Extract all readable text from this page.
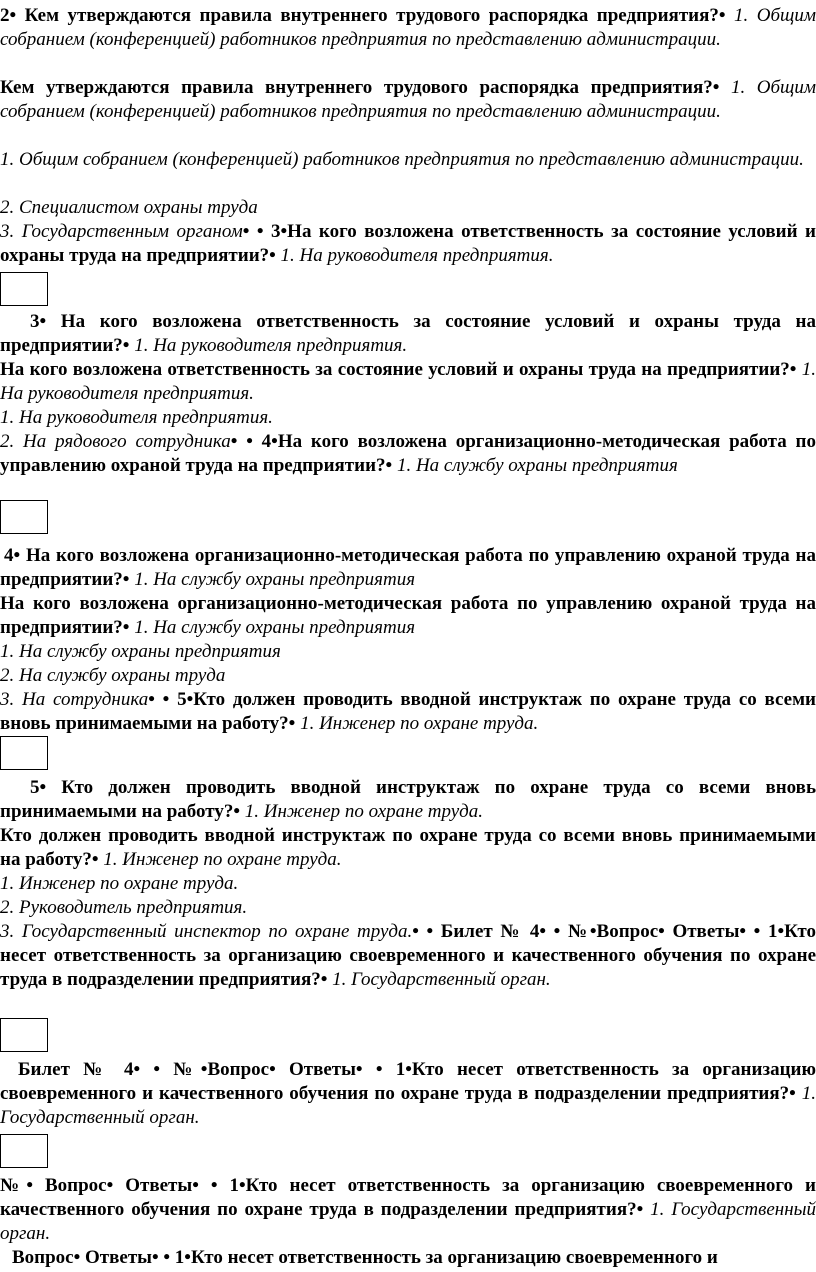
2• Кем утверждаются правила внутреннего трудового распорядка предприятия?• 1. Общим собранием (конференцией) работников предприятия по представлению администрации.
Кем утверждаются правила внутреннего трудового распорядка предприятия?• 1. Общим собранием (конференцией) работников предприятия по представлению администрации.
1. Общим собранием (конференцией) работников предприятия по представлению администрации.
2. Специалистом охраны труда
3. Государственным органом• • 3•На кого возложена ответственность за состояние условий и охраны труда на предприятии?• 1. На руководителя предприятия.
3• На кого возложена ответственность за состояние условий и охраны труда на предприятии?• 1. На руководителя предприятия.
На кого возложена ответственность за состояние условий и охраны труда на предприятии?• 1. На руководителя предприятия.
1. На руководителя предприятия.
2. На рядового сотрудника• • 4•На кого возложена организационно-методическая работа по управлению охраной труда на предприятии?• 1. На службу охраны предприятия
4• На кого возложена организационно-методическая работа по управлению охраной труда на предприятии?• 1. На службу охраны предприятия
На кого возложена организационно-методическая работа по управлению охраной труда на предприятии?• 1. На службу охраны предприятия
1. На службу охраны предприятия
2. На службу охраны труда
3. На сотрудника• • 5•Кто должен проводить вводной инструктаж по охране труда со всеми вновь принимаемыми на работу?• 1. Инженер по охране труда.
5• Кто должен проводить вводной инструктаж по охране труда со всеми вновь принимаемыми на работу?• 1. Инженер по охране труда.
Кто должен проводить вводной инструктаж по охране труда со всеми вновь принимаемыми на работу?• 1. Инженер по охране труда.
1. Инженер по охране труда.
2. Руководитель предприятия.
3. Государственный инспектор по охране труда.• • Билет № 4• • №•Вопрос• Ответы• • 1•Кто несет ответственность за организацию своевременного и качественного обучения по охране труда в подразделении предприятия?• 1. Государственный орган.
Билет № 4• • №•Вопрос• Ответы• • 1•Кто несет ответственность за организацию своевременного и качественного обучения по охране труда в подразделении предприятия?• 1. Государственный орган.
№• Вопрос• Ответы• • 1•Кто несет ответственность за организацию своевременного и качественного обучения по охране труда в подразделении предприятия?• 1. Государственный орган.
Вопрос• Ответы• • 1•Кто несет ответственность за организацию своевременного и
